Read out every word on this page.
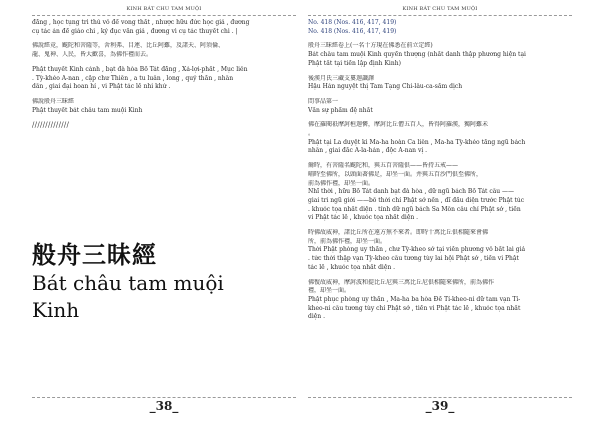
KINH BÁT CHU TAM MUỘI
đẳng , học tụng trì thủ vô để vong thất , nhược hữu đức học giả , đương
cụ tác án để giáo chi , ký đục văn giả , đương vì cụ tác thuyết chi . |
佛說經竟，颰陀和菩薩等，舍利弗、目連、比丘阿難，及諸天、阿須倫、
龍、鬼神、人民，皆大歡喜，為佛作禮而去。
Phật thuyết Kinh cánh , bạt đà hòa Bồ Tát đẳng , Xá-lợi-phất , Mục liên
. Tỳ-khéo A-nan , cập chư Thiên , a tu luân , long , quỷ thần , nhân
dân , giai đại hoan hỉ , vi Phật tác lễ nhi khứ .
佛說般舟三昧經
Phật thuyết bát châu tam muội Kinh
//////////////
般舟三昧經
Bát châu tam muội
Kinh
_38_
KINH BÁT CHU TAM MUỘI
No. 418 (Nos. 416, 417, 419)
No. 418 (Nos. 416, 417, 419)
般舟三昧經卷上(一名十方現在佛悉在前立定經)
Bát châu tam muội Kinh quyển thượng (nhất danh thập phương hiện tại
Phật tất tại tiền lập định Kinh)
後漢月氏三藏支婁迦讖譯
Hậu Hán nguyệt thị Tam Tạng Chi-lâu-ca-sấm dịch
問事品第一
Vấn sự phẩm đệ nhất
佛在羅閱祇摩訶桓迦憐，摩訶比丘僧五百人，皆得阿羅漢，獨阿難未
。
Phật tại La duyệt kì Ma-ha hoàn Ca liên , Ma-ha Tỳ-khéo tăng ngũ bách
nhân , giai đắc A-la-hán , độc A-nan vị .
爾時，有菩薩名颰陀和，與五百菩薩俱——皆持五戒——
晡時至佛所，以頭面著佛足，却坐一面。并與五百沙門俱至佛所，
前為佛作禮，却坐一面。
Nhĩ thời , hữu Bồ Tát danh bạt đà hòa , dữ ngũ bách Bồ Tát câu ——
giai trì ngũ giới ——bô thời chí Phật sở nến , dĩ đầu diện trước Phật túc
. khuóc tọa nhất diện . tính dữ ngũ bách Sa Môn câu chí Phật sở , tiền
vi Phật tác lễ , khuóc tọa nhất diện .
時佛故威神，諸比丘所在遠方無不來者。即時十萬比丘俱相隨來會佛
所，前為佛作禮，却坐一面。
Thời Phật phòng uy thần , chư Tỳ-kheo sở tại viễn phương vô bất lai giả
. tức thời thập vạn Tỳ-kheo câu tương tùy lai hội Phật sở , tiền vi Phật
tác lễ , khuóc tọa nhất diện .
佛復故威神，摩訶波和提比丘尼與三萬比丘尼俱相隨來佛所，前為佛作
禮，却坐一面。
Phật phục phòng uy thần , Ma-ha ba hòa Đề Tỉ-kheo-ni dữ tam vạn Tỉ-
kheo-ni câu tương tùy chí Phật sở , tiền vi Phật tác lễ , khuóc tọa nhất
diện .
_39_
